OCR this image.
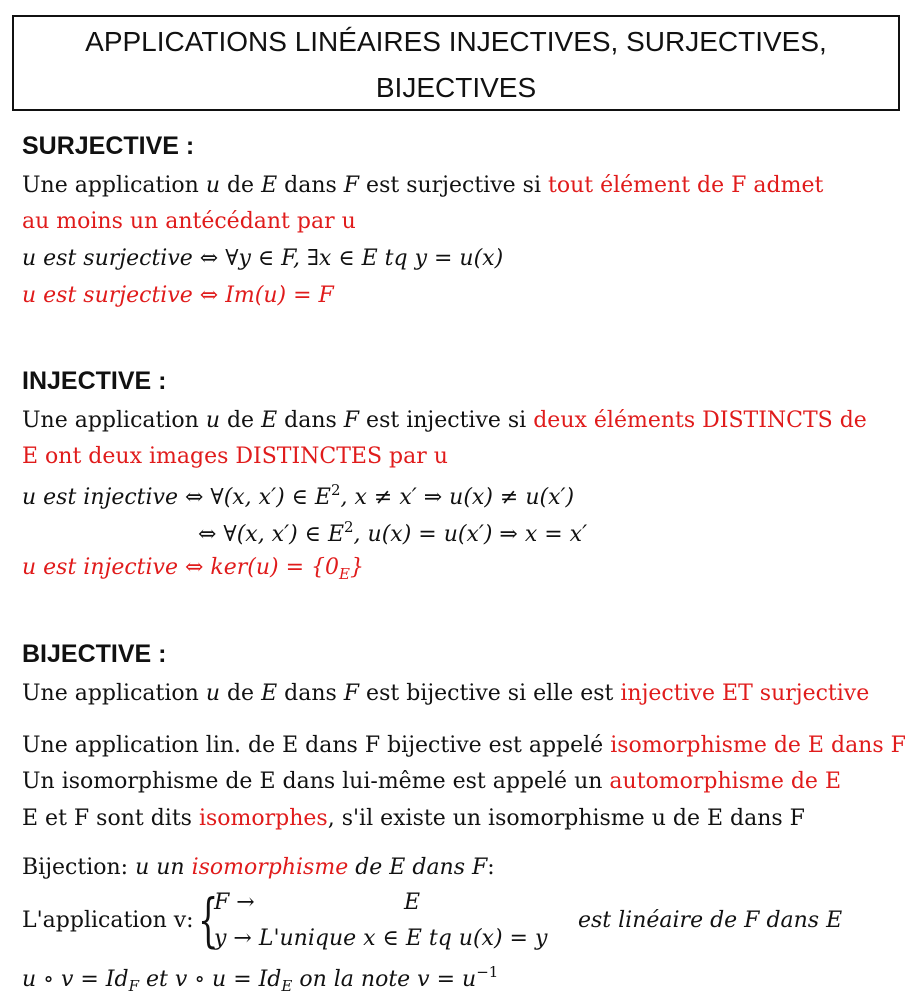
APPLICATIONS LINÉAIRES INJECTIVES, SURJECTIVES,
BIJECTIVES
SURJECTIVE :
Une application u de E dans F est surjective si tout élément de F admet
au moins un antécédant par u
u est surjective ⇔ ∀y ∈ F, ∃x ∈ E tq y = u(x)
u est surjective ⇔ Im(u) = F
INJECTIVE :
Une application u de E dans F est injective si deux éléments DISTINCTS de
E ont deux images DISTINCTES par u
u est injective ⇔ ∀(x, x′) ∈ $E^2$, x ≠ x′ ⇒ u(x) ≠ u(x′)
⇔ ∀(x, x′) ∈ $E^2$, u(x) = u(x′) ⇒ x = x′
u est injective ⇔ $ker(u) = \{0_E\}$
BIJECTIVE :
Une application u de E dans F est bijective si elle est injective ET surjective
Une application lin. de E dans F bijective est appelé isomorphisme de E dans F
Un isomorphisme de E dans lui-même est appelé un automorphisme de E
E et F sont dits isomorphes, s'il existe un isomorphisme u de E dans F
Bijection: u un isomorphisme de E dans F:
L'application v: {
F →	E
y → L'unique x ∈ E tq u(x) = y
est linéaire de F dans E
u ∘ $v = Id_F$ et v ∘ $u = Id_E$ on la note $v = u^{-1}$
